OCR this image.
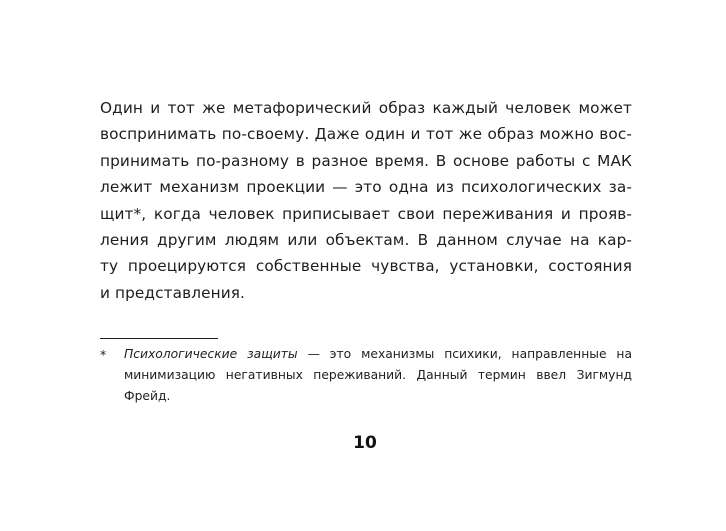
Один и тот же метафорический образ каждый человек может
воспринимать по-своему. Даже один и тот же образ можно вос-
принимать по-разному в разное время. В основе работы с МАК
лежит механизм проекции — это одна из психологических за-
щит*, когда человек приписывает свои переживания и прояв-
ления другим людям или объектам. В данном случае на кар-
ту проецируются собственные чувства, установки, состояния
и представления.
* Психологические защиты — это механизмы психики, направленные на
минимизацию негативных переживаний. Данный термин ввел Зигмунд
Фрейд.
10
